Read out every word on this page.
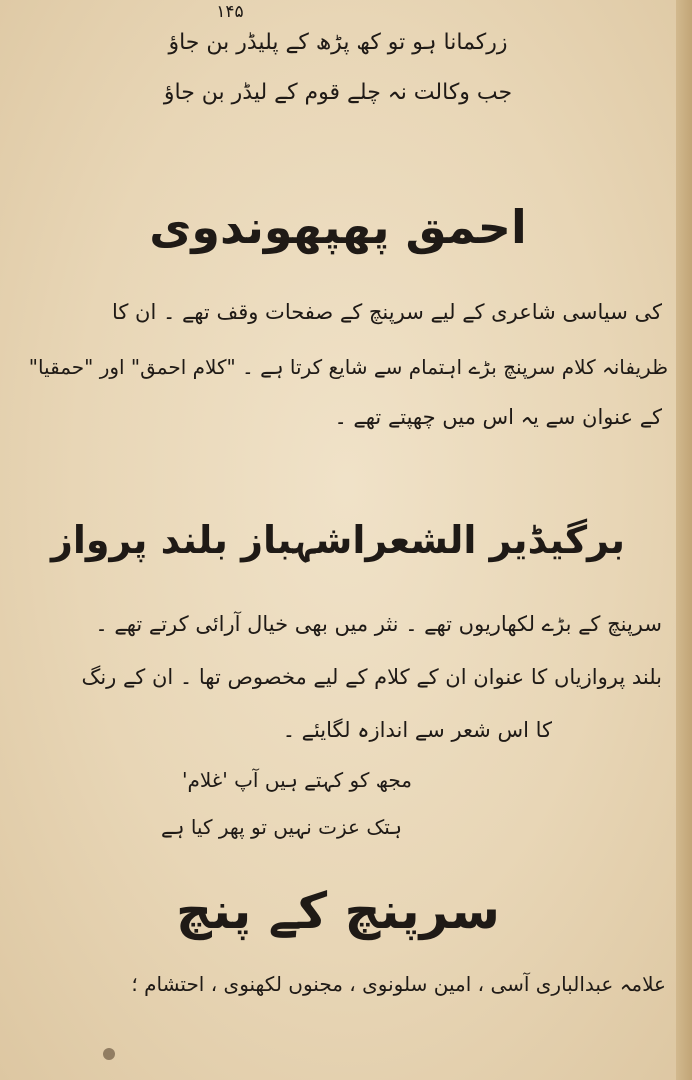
۱۴۵
زرکمانا ہو تو کھ پڑھ کے پلیڈر بن جاؤ
جب وکالت نہ چلے قوم کے لیڈر بن جاؤ
احمق پھپھوندوی
کی سیاسی شاعری کے لیے سرپنچ کے صفحات وقف تھے ۔ ان کا
ظریفانہ کلام سرپنچ بڑے اہتمام سے شایع کرتا ہے ۔ "کلام احمق" اور "حمقیا"
کے عنوان سے یہ اس میں چھپتے تھے ۔
برگیڈیر الشعراشہباز بلند پرواز
سرپنچ کے بڑے لکھاریوں تھے ۔ نثر میں بھی خیال آرائی کرتے تھے ۔
بلند پروازیاں کا عنوان ان کے کلام کے لیے مخصوص تھا ۔ ان کے رنگ
کا اس شعر سے اندازہ لگایئے ۔
مجھ کو کہتے ہیں آپ 'غلام'
ہتک عزت نہیں تو پھر کیا ہے
سرپنچ کے پنچ
علامہ عبدالباری آسی ، امین سلونوی ، مجنوں لکھنوی ، احتشام ؛
